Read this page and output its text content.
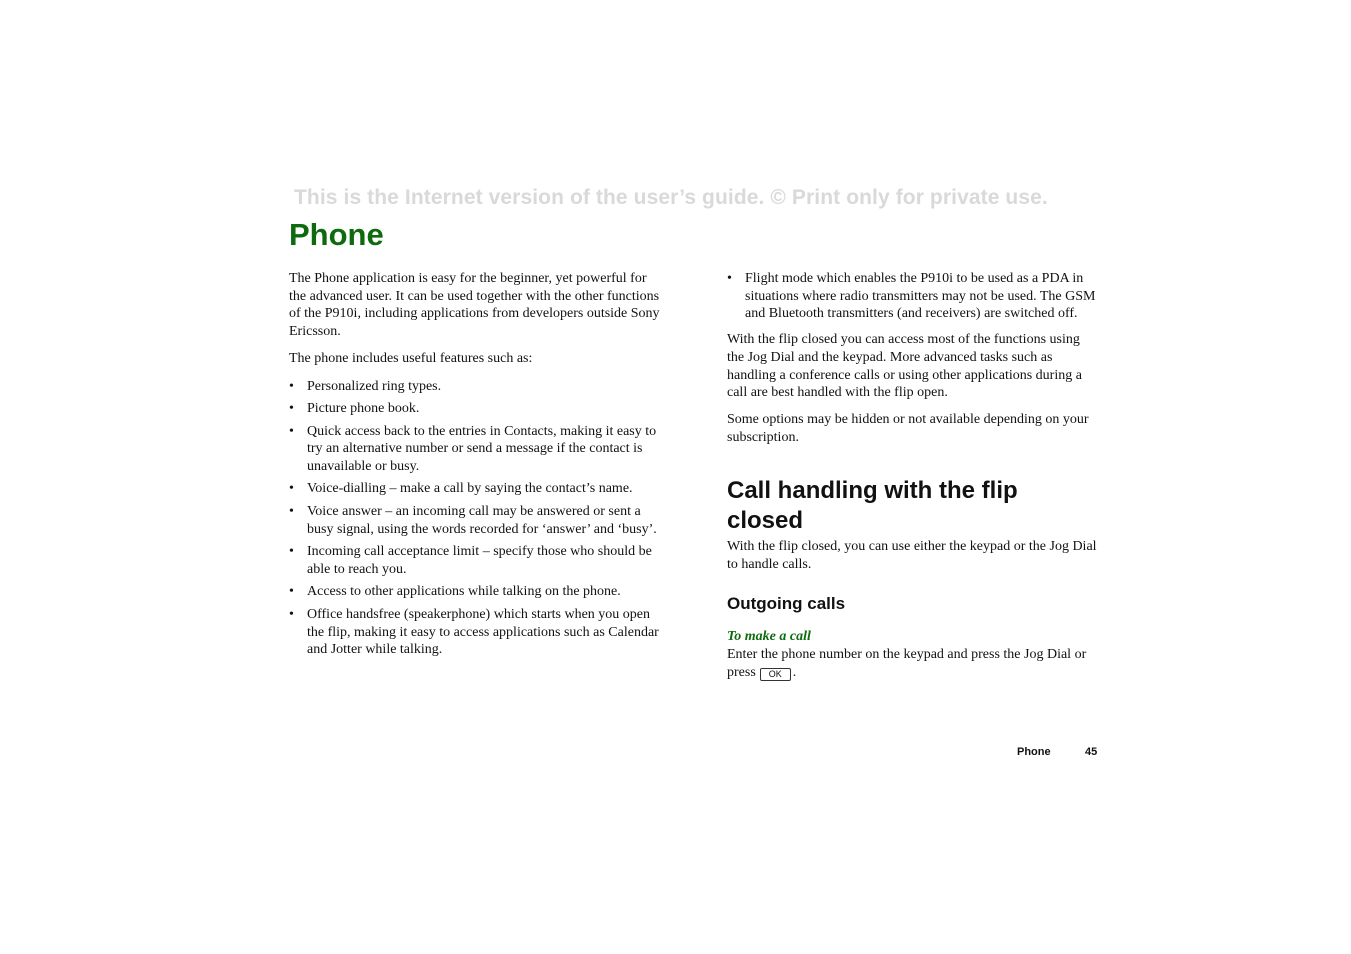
This is the Internet version of the user’s guide. © Print only for private use.
Phone

The Phone application is easy for the beginner, yet powerful for the advanced user. It can be used together with the other functions of the P910i, including applications from developers outside Sony Ericsson.

The phone includes useful features such as:

• Personalized ring types.
• Picture phone book.
• Quick access back to the entries in Contacts, making it easy to try an alternative number or send a message if the contact is unavailable or busy.
• Voice-dialling – make a call by saying the contact’s name.
• Voice answer – an incoming call may be answered or sent a busy signal, using the words recorded for ‘answer’ and ‘busy’.
• Incoming call acceptance limit – specify those who should be able to reach you.
• Access to other applications while talking on the phone.
• Office handsfree (speakerphone) which starts when you open the flip, making it easy to access applications such as Calendar and Jotter while talking.
• Flight mode which enables the P910i to be used as a PDA in situations where radio transmitters may not be used. The GSM and Bluetooth transmitters (and receivers) are switched off.

With the flip closed you can access most of the functions using the Jog Dial and the keypad. More advanced tasks such as handling a conference calls or using other applications during a call are best handled with the flip open.

Some options may be hidden or not available depending on your subscription.

Call handling with the flip closed

With the flip closed, you can use either the keypad or the Jog Dial to handle calls.

Outgoing calls
To make a call

Enter the phone number on the keypad and press the Jog Dial or press OK .

Phone	45
